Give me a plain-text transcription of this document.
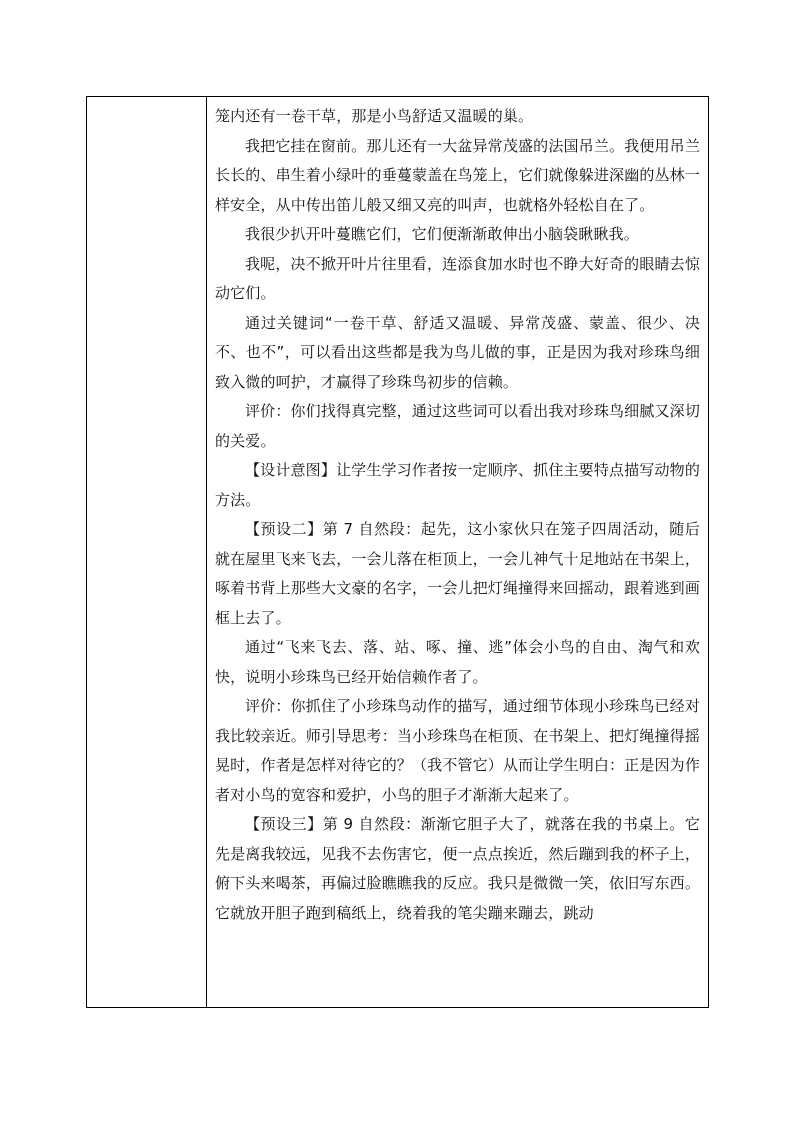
笼内还有一卷干草，那是小鸟舒适又温暖的巢。

我把它挂在窗前。那儿还有一大盆异常茂盛的法国吊兰。我便用吊兰长长的、串生着小绿叶的垂蔓蒙盖在鸟笼上，它们就像躲进深幽的丛林一样安全，从中传出笛儿般又细又亮的叫声，也就格外轻松自在了。

我很少扒开叶蔓瞧它们，它们便渐渐敢伸出小脑袋瞅瞅我。

我呢，决不掀开叶片往里看，连添食加水时也不睁大好奇的眼睛去惊动它们。

通过关键词“一卷干草、舒适又温暖、异常茂盛、蒙盖、很少、决不、也不”，可以看出这些都是我为鸟儿做的事，正是因为我对珍珠鸟细致入微的呵护，才赢得了珍珠鸟初步的信赖。

评价：你们找得真完整，通过这些词可以看出我对珍珠鸟细腻又深切的关爱。

【设计意图】让学生学习作者按一定顺序、抓住主要特点描写动物的方法。

【预设二】第 7 自然段：起先，这小家伙只在笼子四周活动，随后就在屋里飞来飞去，一会儿落在柜顶上，一会儿神气十足地站在书架上，啄着书背上那些大文豪的名字，一会儿把灯绳撞得来回摇动，跟着逃到画框上去了。

通过“飞来飞去、落、站、啄、撞、逃”体会小鸟的自由、淘气和欢快，说明小珍珠鸟已经开始信赖作者了。

评价：你抓住了小珍珠鸟动作的描写，通过细节体现小珍珠鸟已经对我比较亲近。师引导思考：当小珍珠鸟在柜顶、在书架上、把灯绳撞得摇晃时，作者是怎样对待它的？（我不管它）从而让学生明白：正是因为作者对小鸟的宽容和爱护，小鸟的胆子才渐渐大起来了。

【预设三】第 9 自然段：渐渐它胆子大了，就落在我的书桌上。它先是离我较远，见我不去伤害它，便一点点挨近，然后蹦到我的杯子上，俯下头来喝茶，再偏过脸瞧瞧我的反应。我只是微微一笑，依旧写东西。它就放开胆子跑到稿纸上，绕着我的笔尖蹦来蹦去，跳动
